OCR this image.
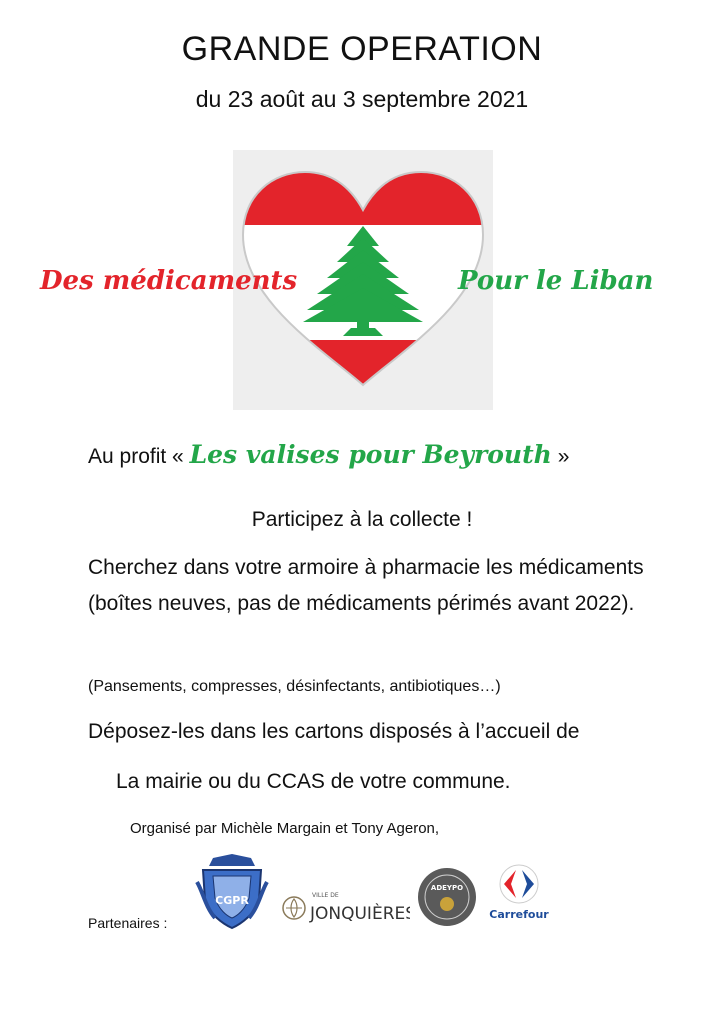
GRANDE OPERATION
du 23 août au 3 septembre 2021
Des médicaments	Pour le Liban
Au profit « Les valises pour Beyrouth »
Participez à la collecte !
Cherchez dans votre armoire à pharmacie les médicaments (boîtes neuves, pas de médicaments périmés avant 2022).
(Pansements, compresses, désinfectants, antibiotiques…)
Déposez-les dans les cartons disposés à l’accueil de
La mairie ou du CCAS de votre commune.
Organisé par Michèle Margain et Tony Ageron,
Partenaires :
CGPR	VILLE DE
JONQUIÈRES
ADEYPO
Carrefour
